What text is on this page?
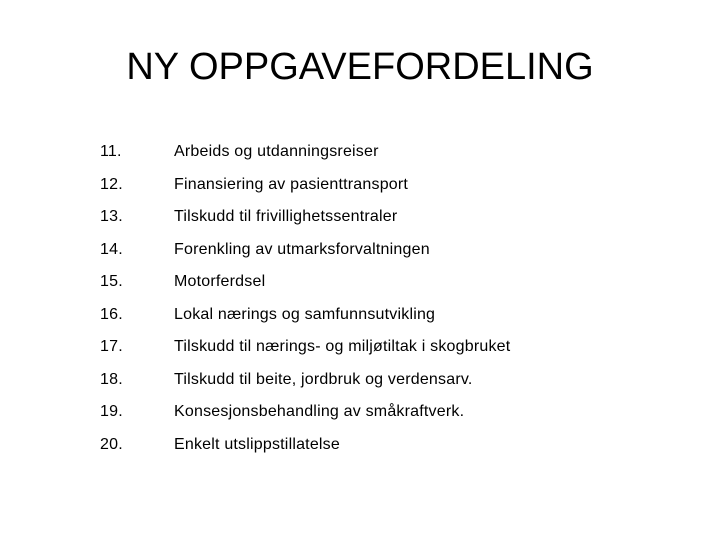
NY OPPGAVEFORDELING
11.	Arbeids og utdanningsreiser
12.	Finansiering av pasienttransport
13.	Tilskudd til frivillighetssentraler
14.	Forenkling av utmarksforvaltningen
15.	Motorferdsel
16.	Lokal nærings og samfunnsutvikling
17.	Tilskudd til nærings- og miljøtiltak i skogbruket
18.	Tilskudd til beite, jordbruk og verdensarv.
19.	Konsesjonsbehandling av småkraftverk.
20.	Enkelt utslippstillatelse
